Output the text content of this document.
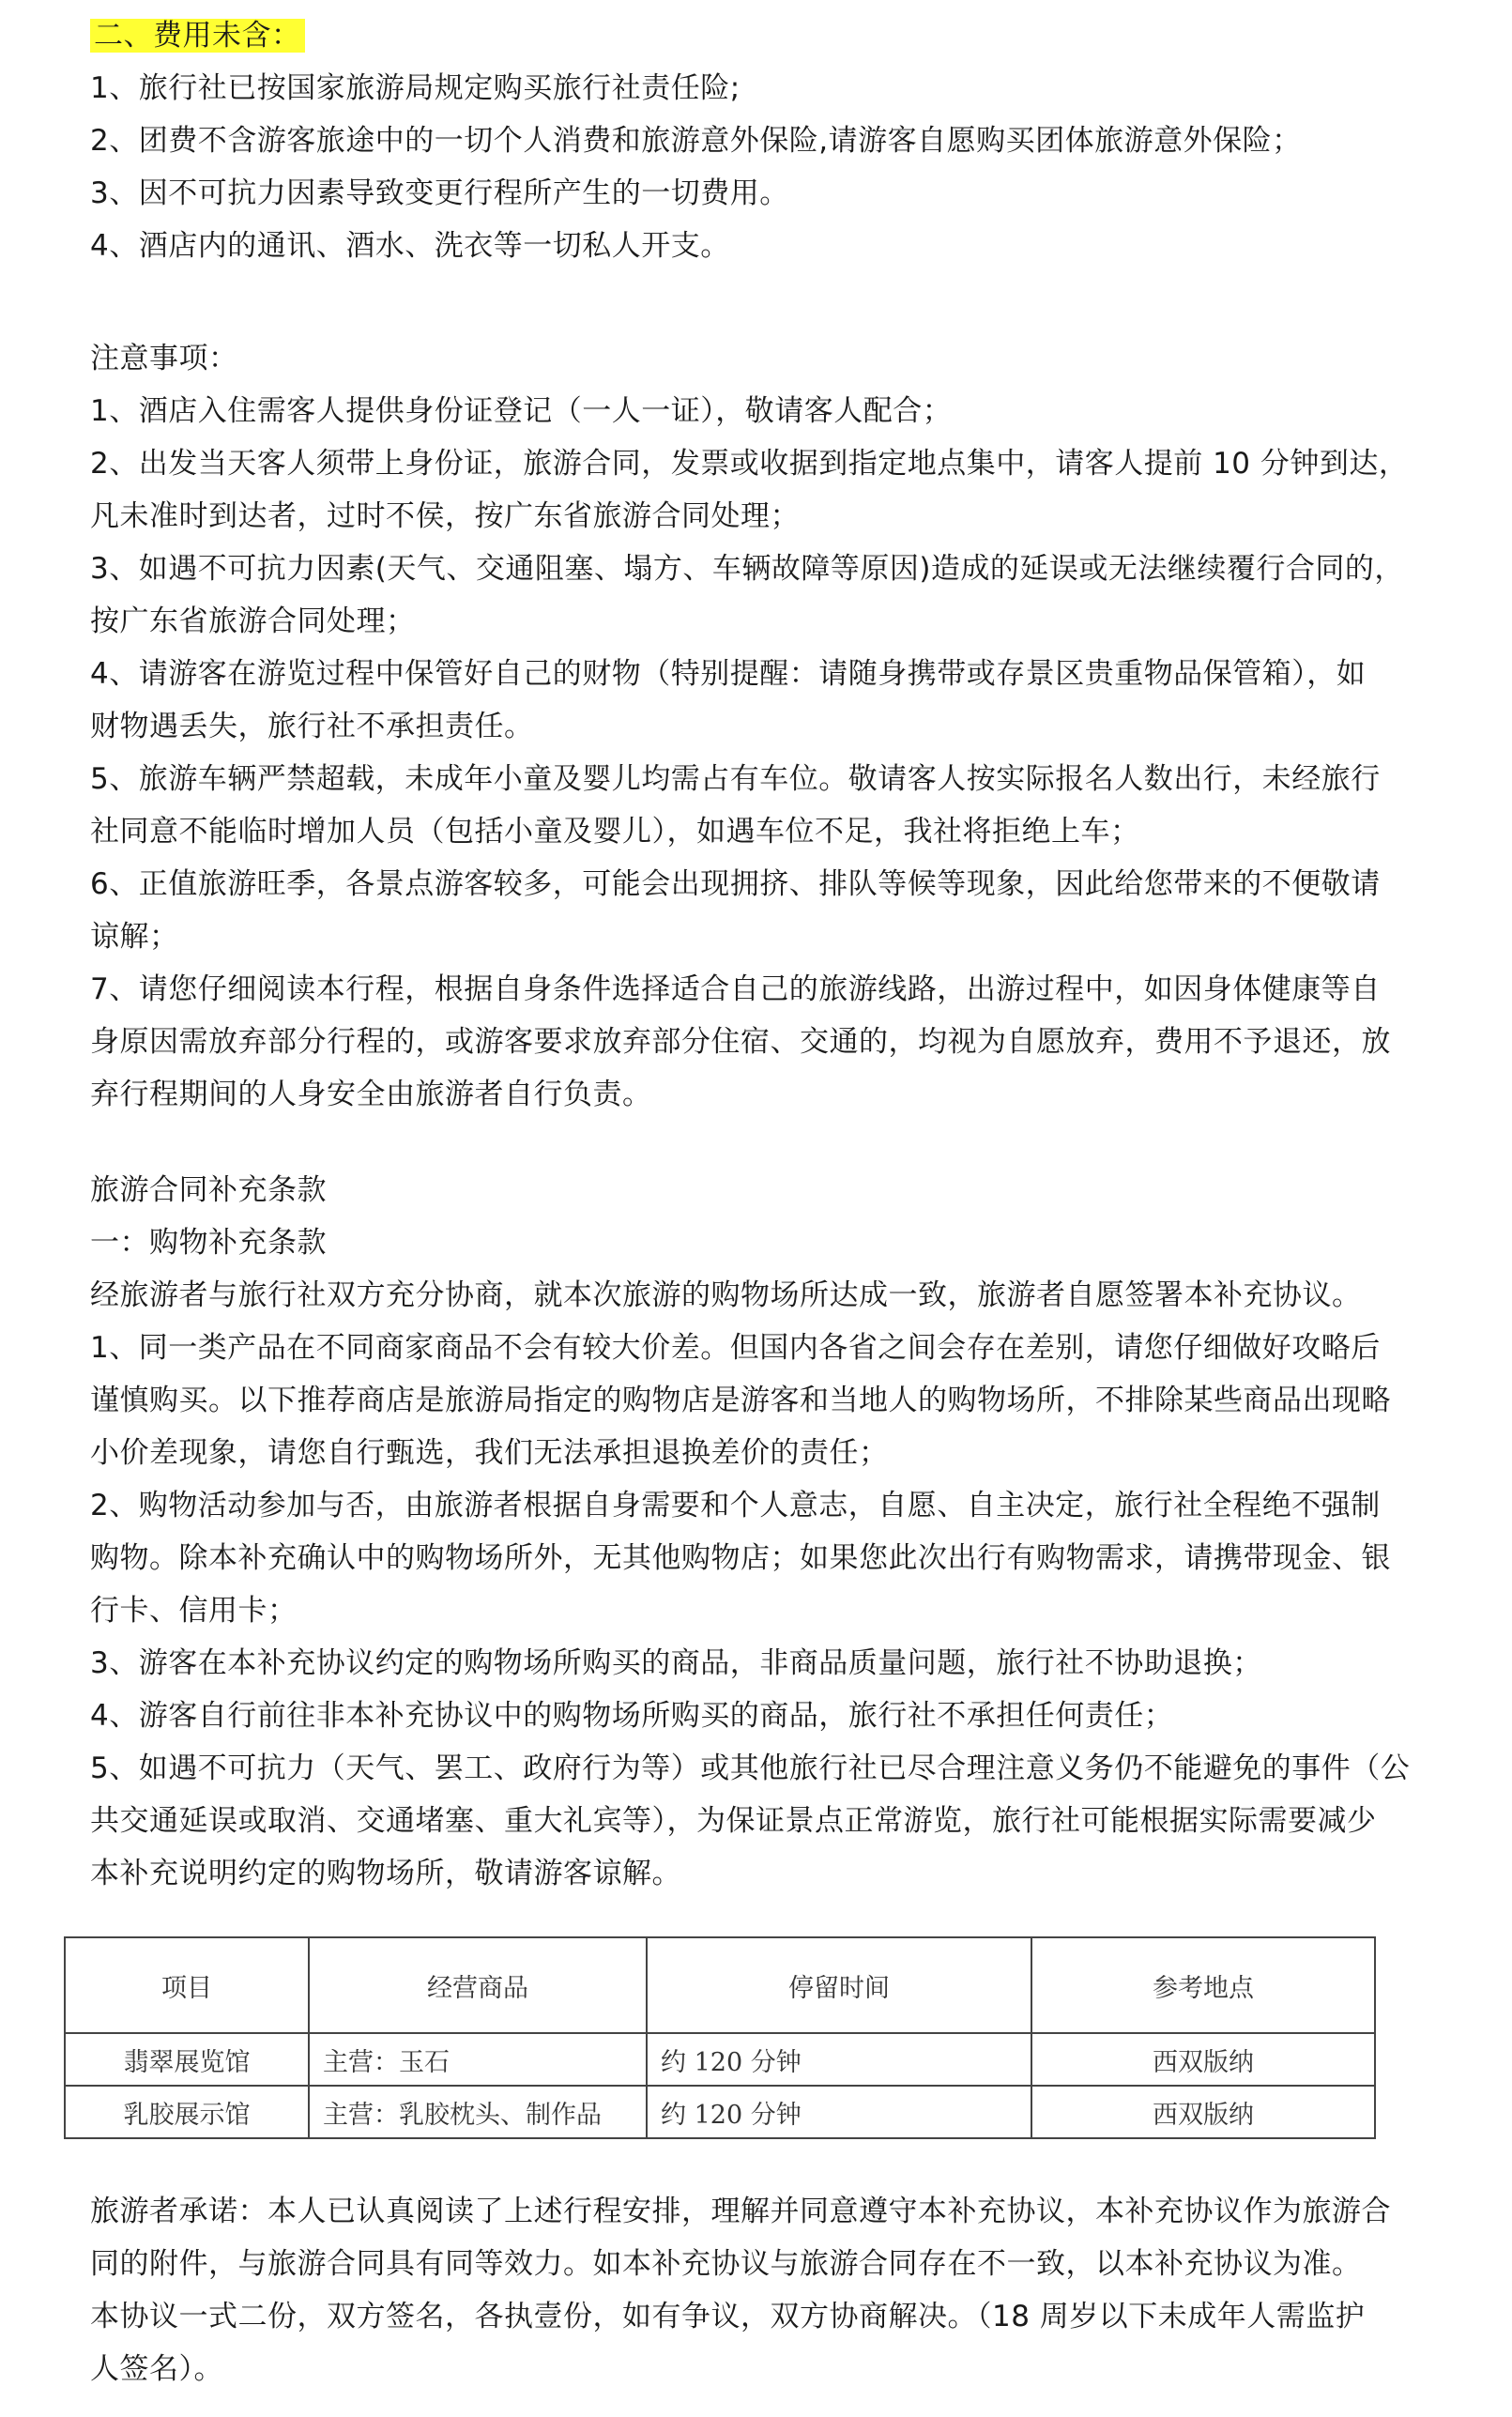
二、费用未含：
1、旅行社已按国家旅游局规定购买旅行社责任险;
2、团费不含游客旅途中的一切个人消费和旅游意外保险,请游客自愿购买团体旅游意外保险；
3、因不可抗力因素导致变更行程所产生的一切费用。
4、酒店内的通讯、酒水、洗衣等一切私人开支。
注意事项：
1、酒店入住需客人提供身份证登记（一人一证），敬请客人配合；
2、出发当天客人须带上身份证，旅游合同，发票或收据到指定地点集中，请客人提前 10 分钟到达，
凡未准时到达者，过时不侯，按广东省旅游合同处理；
3、如遇不可抗力因素(天气、交通阻塞、塌方、车辆故障等原因)造成的延误或无法继续覆行合同的，
按广东省旅游合同处理；
4、请游客在游览过程中保管好自己的财物（特别提醒：请随身携带或存景区贵重物品保管箱），如
财物遇丢失，旅行社不承担责任。
5、旅游车辆严禁超载，未成年小童及婴儿均需占有车位。敬请客人按实际报名人数出行，未经旅行
社同意不能临时增加人员（包括小童及婴儿），如遇车位不足，我社将拒绝上车；
6、正值旅游旺季，各景点游客较多，可能会出现拥挤、排队等候等现象，因此给您带来的不便敬请
谅解；
7、请您仔细阅读本行程，根据自身条件选择适合自己的旅游线路，出游过程中，如因身体健康等自
身原因需放弃部分行程的，或游客要求放弃部分住宿、交通的，均视为自愿放弃，费用不予退还，放
弃行程期间的人身安全由旅游者自行负责。
旅游合同补充条款
一：购物补充条款
经旅游者与旅行社双方充分协商，就本次旅游的购物场所达成一致，旅游者自愿签署本补充协议。
1、同一类产品在不同商家商品不会有较大价差。但国内各省之间会存在差别，请您仔细做好攻略后
谨慎购买。以下推荐商店是旅游局指定的购物店是游客和当地人的购物场所，不排除某些商品出现略
小价差现象，请您自行甄选，我们无法承担退换差价的责任；
2、购物活动参加与否，由旅游者根据自身需要和个人意志，自愿、自主决定，旅行社全程绝不强制
购物。除本补充确认中的购物场所外，无其他购物店；如果您此次出行有购物需求，请携带现金、银
行卡、信用卡；
3、游客在本补充协议约定的购物场所购买的商品，非商品质量问题，旅行社不协助退换；
4、游客自行前往非本补充协议中的购物场所购买的商品，旅行社不承担任何责任；
5、如遇不可抗力（天气、罢工、政府行为等）或其他旅行社已尽合理注意义务仍不能避免的事件（公
共交通延误或取消、交通堵塞、重大礼宾等），为保证景点正常游览，旅行社可能根据实际需要减少
本补充说明约定的购物场所，敬请游客谅解。
项目	经营商品	停留时间	参考地点
翡翠展览馆	主营：玉石	约 120 分钟	西双版纳
乳胶展示馆	主营：乳胶枕头、制作品	约 120 分钟	西双版纳
旅游者承诺：本人已认真阅读了上述行程安排，理解并同意遵守本补充协议，本补充协议作为旅游合
同的附件，与旅游合同具有同等效力。如本补充协议与旅游合同存在不一致，以本补充协议为准。
本协议一式二份，双方签名，各执壹份，如有争议，双方协商解决。（18 周岁以下未成年人需监护
人签名）。
